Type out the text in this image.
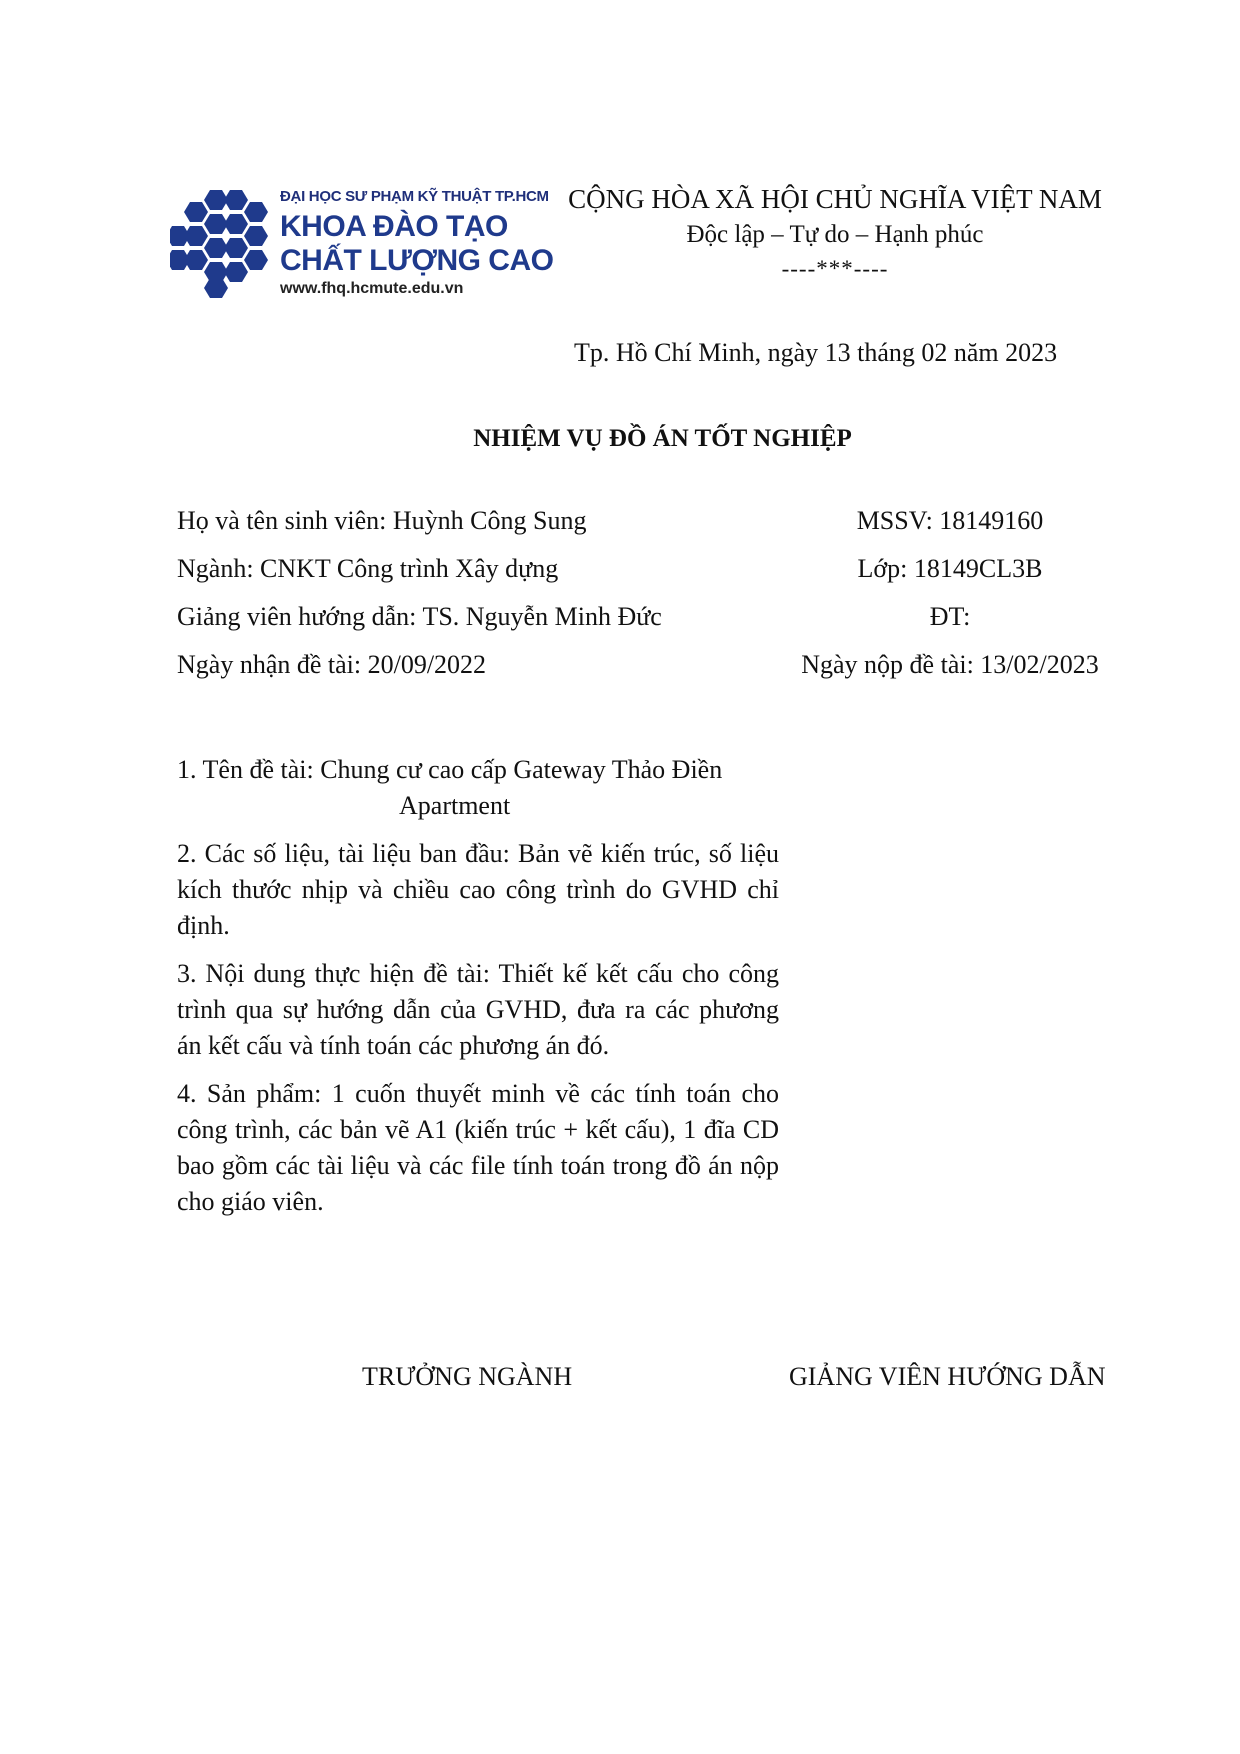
ĐẠI HỌC SƯ PHẠM KỸ THUẬT TP.HCM
KHOA ĐÀO TẠO
CHẤT LƯỢNG CAO
www.fhq.hcmute.edu.vn
CỘNG HÒA XÃ HỘI CHỦ NGHĨA VIỆT NAM
Độc lập – Tự do – Hạnh phúc
----***----
Tp. Hồ Chí Minh, ngày 13 tháng 02 năm 2023
NHIỆM VỤ ĐỒ ÁN TỐT NGHIỆP
Họ và tên sinh viên: Huỳnh Công Sung	MSSV: 18149160
Ngành: CNKT Công trình Xây dựng	Lớp: 18149CL3B
Giảng viên hướng dẫn: TS. Nguyễn Minh Đức	ĐT:
Ngày nhận đề tài: 20/09/2022	Ngày nộp đề tài: 13/02/2023
1. Tên đề tài: Chung cư cao cấp Gateway Thảo Điền
Apartment
2. Các số liệu, tài liệu ban đầu: Bản vẽ kiến trúc, số liệu kích thước nhịp và chiều cao công trình do GVHD chỉ định.
3. Nội dung thực hiện đề tài: Thiết kế kết cấu cho công trình qua sự hướng dẫn của GVHD, đưa ra các phương án kết cấu và tính toán các phương án đó.
4. Sản phẩm: 1 cuốn thuyết minh về các tính toán cho công trình, các bản vẽ A1 (kiến trúc + kết cấu), 1 đĩa CD bao gồm các tài liệu và các file tính toán trong đồ án nộp cho giáo viên.
TRƯỞNG NGÀNH	GIẢNG VIÊN HƯỚNG DẪN
